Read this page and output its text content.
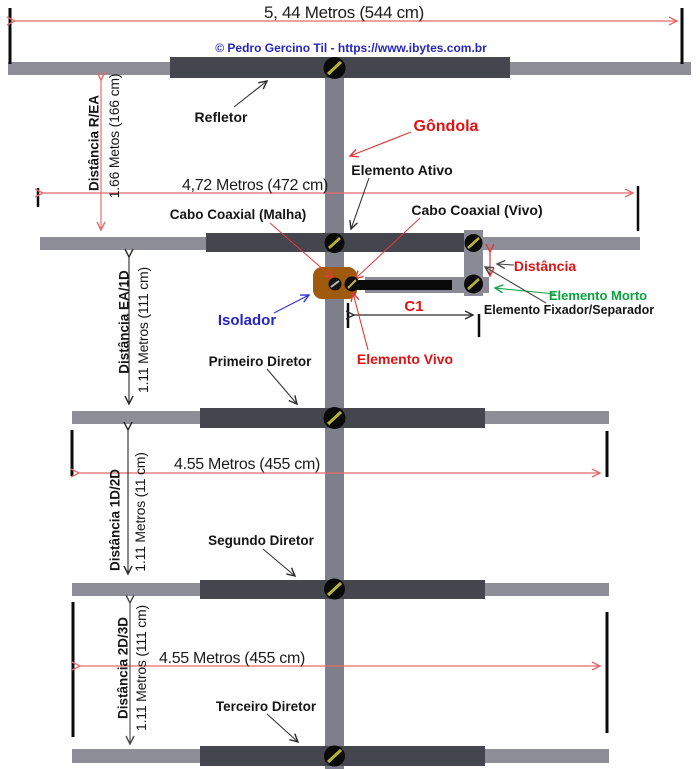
5, 44 Metros (544 cm)
© Pedro Gercino Til - https://www.ibytes.com.br
Refletor
Gôndola
Elemento Ativo
4,72 Metros (472 cm)
Cabo Coaxial (Malha)	Cabo Coaxial (Vivo)
Distância
Elemento Morto
Elemento Fixador/Separador
Isolador
C1
Elemento Vivo
Primeiro Diretor
4.55 Metros (455 cm)
Segundo Diretor
4.55 Metros (455 cm)
Terceiro Diretor
Distância R/EA 1.66 Metos (166 cm)
Distância EA/1D 1.11 Metros (111 cm)
Distância 1D/2D 1.11 Metros (11 cm)
Distância 2D/3D 1.11 Metros (111 cm)
